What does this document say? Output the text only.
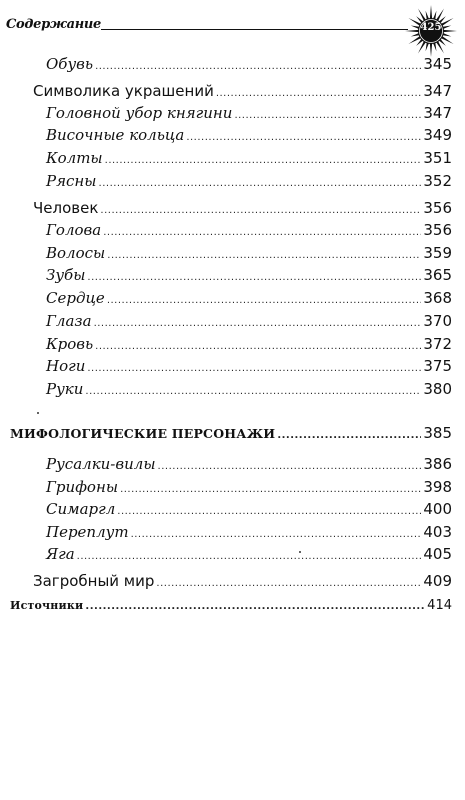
Содержание	425
Обувь .....	345
Символика украшений .....	347
Головной убор княгини .....	347
Височные кольца .....	349
Колты .....	351
Рясны .....	352
Человек .....	356
Голова .....	356
Волосы .....	359
Зубы .....	365
Сердце .....	368
Глаза .....	370
Кровь .....	372
Ноги .....	375
Руки .....	380
МИФОЛОГИЧЕСКИЕ ПЕРСОНАЖИ .....	385
Русалки-вилы .....	386
Грифоны .....	398
Симаргл .....	400
Переплут .....	403
Яга .....	405
Загробный мир .....	409
Источники .....	414
